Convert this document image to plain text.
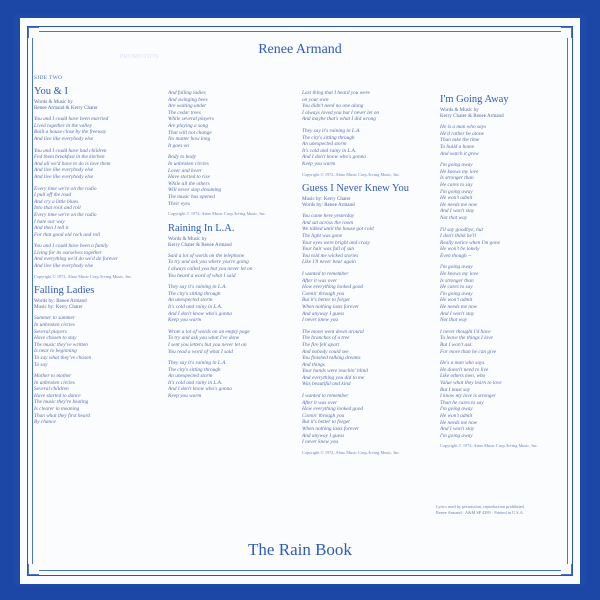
PROMOTION	Renee Armand
SIDE TWO
You & I
Words & Music by
Renee Armand & Kerry Chater
You and I could have been married
Lived together in the valley
Built a house close by the freeway
And live like everybody else
You and I could have had children
Fed them breakfast in the kitchen
And all we'd have to do is love them
And live like everybody else
And live like everybody else
Every time we're on the radio
I pull off the road
And cry a little blues
Into that rock and roll
Every time we're on the radio
I hate our way
And then I tell it
For that good old rock and roll
You and I could have been a family
Living for its ourselves together
And everything we'd do we'd do forever
And live like everybody else
Copyright © 1972, Almo Music Corp./Irving Music, Inc.
Falling Ladies
Words by: Renee Armand
Music by: Kerry Chater
Summer to summer
In unbroken circles
Several players
Have chosen to stay
The music they've written
Is near to beginning
To say what they've chosen
To say
Mother to mother
In unbroken circles
Several children
Have started to dance
The music they're beating
Is clearer in meaning
Than what they first heard
By chance
And falling ladies
And swinging bees
Are waiting under
The cedar trees
While several players
Are playing a song
That will not change
No matter how long
It goes on
Body to body
In unbroken circles
Lover and lover
Have started to rise
While all the others
Will never stop dreaming
The music has opened
Their eyes
Copyright © 1972, Almo Music Corp./Irving Music, Inc.
Raining In L.A.
Words & Music by
Kerry Chater & Renee Armand
Said a lot of words on the telephone
To try and ask you where you're going
I always called you but you never let on
You heard a word of what I said
They say it's raining in L.A.
The city's sitting through
An unexpected storm
It's cold and rainy in L.A.
And I don't know who's gonna
Keep you warm
Wrote a lot of words on an empty page
To try and ask you what I've done
I sent you letters but you never let on
You read a word of what I said
They say it's raining in L.A.
The city's sitting through
An unexpected storm
It's cold and rainy in L.A.
And I don't know who's gonna
Keep you warm
Last thing that I heard you were
on your own
You didn't need no one along
I always loved you but I never let on
And maybe that's what I did wrong
They say it's raining in L.A.
The city's sitting through
An unexpected storm
It's cold and rainy in L.A.
And I don't know who's gonna
Keep you warm
Copyright © 1972, Almo Music Corp./Irving Music, Inc.
Guess I Never Knew You
Music by: Kerry Chater
Words by: Renee Armand
You came here yesterday
And sat across the room
We talked until the house got cold
The light was gone
Your eyes were bright and crazy
Your hair was full of sun
You told me wicked stories
Like I'll never hear again
I wanted to remember
After it was over
How everything looked good
Comin' through you
But it's better to forget
When nothing lasts forever
And anyway I guess
I never knew you
The moon went down around
The branches of a tree
The fire fell apart
And nobody could see
You finished talking dreams
And things
Your hands were reachin' blind
And everything you did to me
Was beautiful and kind
I wanted to remember
After it was over
How everything looked good
Comin' through you
But it's better to forget
When nothing lasts forever
And anyway I guess
I never knew you
Copyright © 1972, Almo Music Corp./Irving Music, Inc.
I'm Going Away
Words & Music by
Kerry Chater & Renee Armand
He is a man who says
He'd rather be alone
Than take the time
To build a home
And watch it grow
I'm going away
He knows my love
Is stronger than
He cares to say
I'm going away
He won't admit
He needs me now
And I won't stay
Not that way
I'll say goodbye, but
I don't think he'll
Really notice when I'm gone
He won't be lonely
Even though --
I'm going away
He knows my love
Is stronger than
He cares to say
I'm going away
He won't admit
He needs me now
And I won't stay
Not that way
I never thought I'd have
To leave the things I love
But I won't ask
For more than he can give
He's a man who says
He doesn't need to live
Like others men, who
Value what they learn to love
But I must say
I know my love is stronger
Than he cares to say
I'm going away
He won't admit
He needs me now
And I won't stay
I'm going away
Copyright © 1972, Almo Music Corp./Irving Music, Inc.
Lyrics used by permission, reproduction prohibited.
Renee Armand · A&M SP 4389 · Printed in U.S.A.
The Rain Book
